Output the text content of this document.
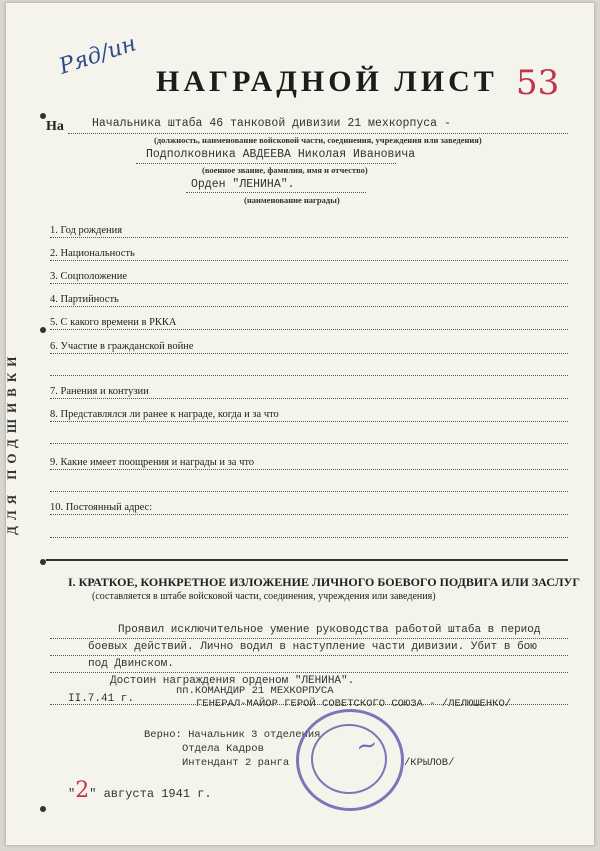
Ряд/ин
53
НАГРАДНОЙ ЛИСТ
ДЛЯ ПОДШИВКИ
На Начальника штаба 46 танковой дивизии 21 мехкорпуса -
(должность, наименование войсковой части, соединения, учреждения или заведения)
Подполковника АВДЕЕВА Николая Ивановича
(военное звание, фамилия, имя и отчество)
Орден "ЛЕНИНА".
(наименование награды)
1. Год рождения
2. Национальность
3. Соцположение
4. Партийность
5. С какого времени в РККА
6. Участие в гражданской войне
7. Ранения и контузии
8. Представлялся ли ранее к награде, когда и за что
9. Какие имеет поощрения и награды и за что
10. Постоянный адрес:
I. КРАТКОЕ, КОНКРЕТНОЕ ИЗЛОЖЕНИЕ ЛИЧНОГО БОЕВОГО ПОДВИГА ИЛИ ЗАСЛУГ
(составляется в штабе войсковой части, соединения, учреждения или заведения)
Проявил исключительное умение руководства работой штаба в период
боевых действий. Лично водил в наступление части дивизии. Убит в бою
под Двинском.
Достоин награждения орденом "ЛЕНИНА".
II.7.41 г.
пп.КОМАНДИР 21 МЕХКОРПУСА
ГЕНЕРАЛ-МАЙОР ГЕРОЙ СОВЕТСКОГО СОЮЗА - /ЛЕЛЮШЕНКО/
Верно: Начальник 3 отделения
Отдела Кадров
Интендант 2 ранга	/КРЫЛОВ/
~
"2" августа 1941 г.
